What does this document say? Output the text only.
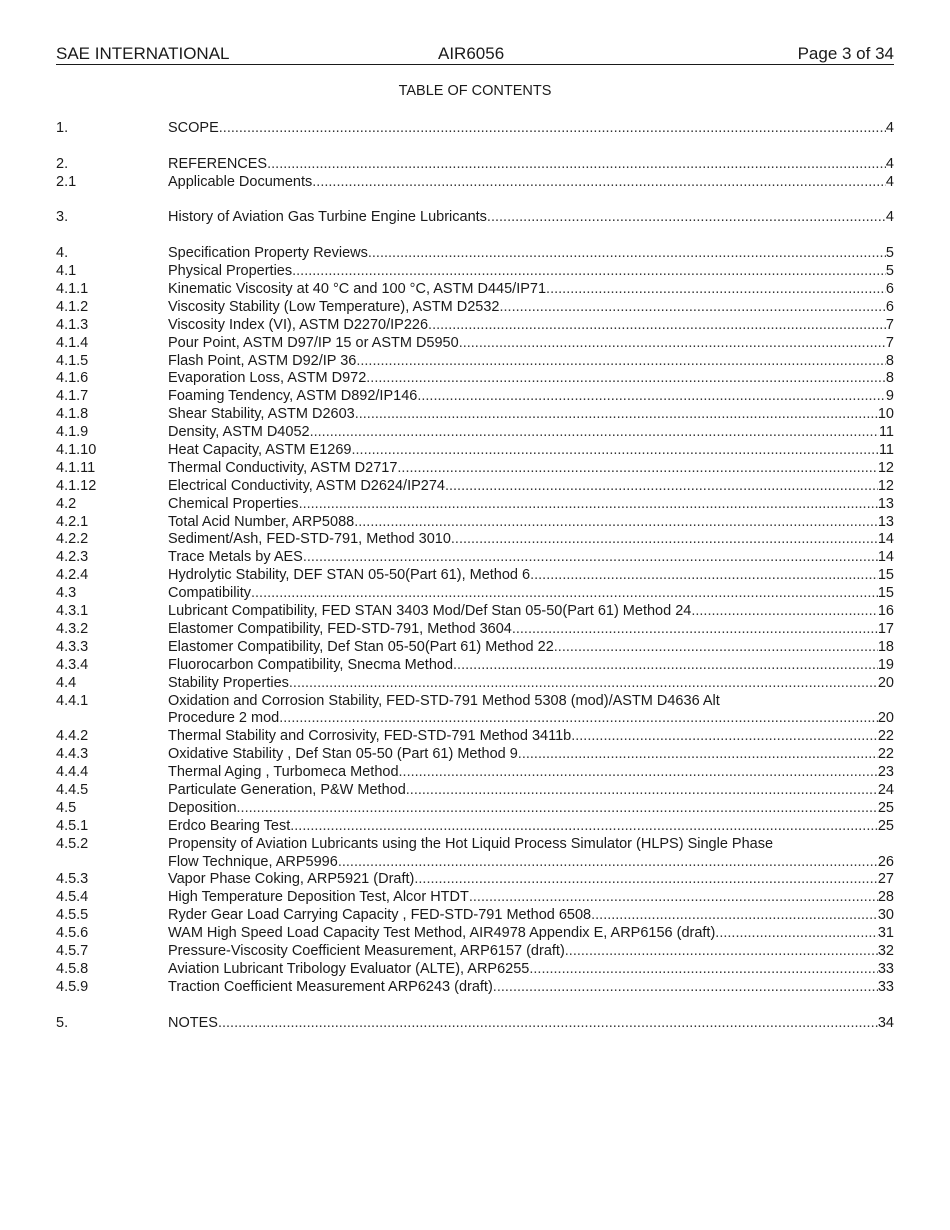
SAE INTERNATIONAL	AIR6056	Page 3 of 34
TABLE OF CONTENTS
1.	SCOPE .....	4
2.	REFERENCES .....	4
2.1	Applicable Documents .....	4
3.	History of Aviation Gas Turbine Engine Lubricants .....	4
4.	Specification Property Reviews .....	5
4.1	Physical Properties .....	5
4.1.1	Kinematic Viscosity at 40 °C and 100 °C, ASTM D445/IP71 .....	6
4.1.2	Viscosity Stability (Low Temperature), ASTM D2532 .....	6
4.1.3	Viscosity Index (VI), ASTM D2270/IP226 .....	7
4.1.4	Pour Point, ASTM D97/IP 15 or ASTM D5950 .....	7
4.1.5	Flash Point, ASTM D92/IP 36 .....	8
4.1.6	Evaporation Loss, ASTM D972 .....	8
4.1.7	Foaming Tendency, ASTM D892/IP146 .....	9
4.1.8	Shear Stability, ASTM D2603 .....	10
4.1.9	Density, ASTM D4052 .....	11
4.1.10	Heat Capacity, ASTM E1269 .....	11
4.1.11	Thermal Conductivity, ASTM D2717 .....	12
4.1.12	Electrical Conductivity, ASTM D2624/IP274 .....	12
4.2	Chemical Properties .....	13
4.2.1	Total Acid Number, ARP5088 .....	13
4.2.2	Sediment/Ash, FED-STD-791, Method 3010 .....	14
4.2.3	Trace Metals by AES .....	14
4.2.4	Hydrolytic Stability, DEF STAN 05-50(Part 61), Method 6 .....	15
4.3	Compatibility .....	15
4.3.1	Lubricant Compatibility, FED STAN 3403 Mod/Def Stan 05-50(Part 61) Method 24 .....	16
4.3.2	Elastomer Compatibility, FED-STD-791, Method 3604 .....	17
4.3.3	Elastomer Compatibility, Def Stan 05-50(Part 61) Method 22 .....	18
4.3.4	Fluorocarbon Compatibility, Snecma Method .....	19
4.4	Stability Properties .....	20
4.4.1	Oxidation and Corrosion Stability, FED-STD-791 Method 5308 (mod)/ASTM D4636 Alt
Procedure 2 mod .....	20
4.4.2	Thermal Stability and Corrosivity, FED-STD-791 Method 3411b .....	22
4.4.3	Oxidative Stability , Def Stan 05-50 (Part 61) Method 9 .....	22
4.4.4	Thermal Aging , Turbomeca Method .....	23
4.4.5	Particulate Generation, P&W Method .....	24
4.5	Deposition .....	25
4.5.1	Erdco Bearing Test .....	25
4.5.2	Propensity of Aviation Lubricants using the Hot Liquid Process Simulator (HLPS) Single Phase
Flow Technique, ARP5996 .....	26
4.5.3	Vapor Phase Coking, ARP5921 (Draft) .....	27
4.5.4	High Temperature Deposition Test, Alcor HTDT .....	28
4.5.5	Ryder Gear Load Carrying Capacity , FED-STD-791 Method 6508 .....	30
4.5.6	WAM High Speed Load Capacity Test Method, AIR4978 Appendix E, ARP6156 (draft) .....	31
4.5.7	Pressure-Viscosity Coefficient Measurement, ARP6157 (draft) .....	32
4.5.8	Aviation Lubricant Tribology Evaluator (ALTE), ARP6255 .....	33
4.5.9	Traction Coefficient Measurement ARP6243 (draft) .....	33
5.	NOTES .....	34
